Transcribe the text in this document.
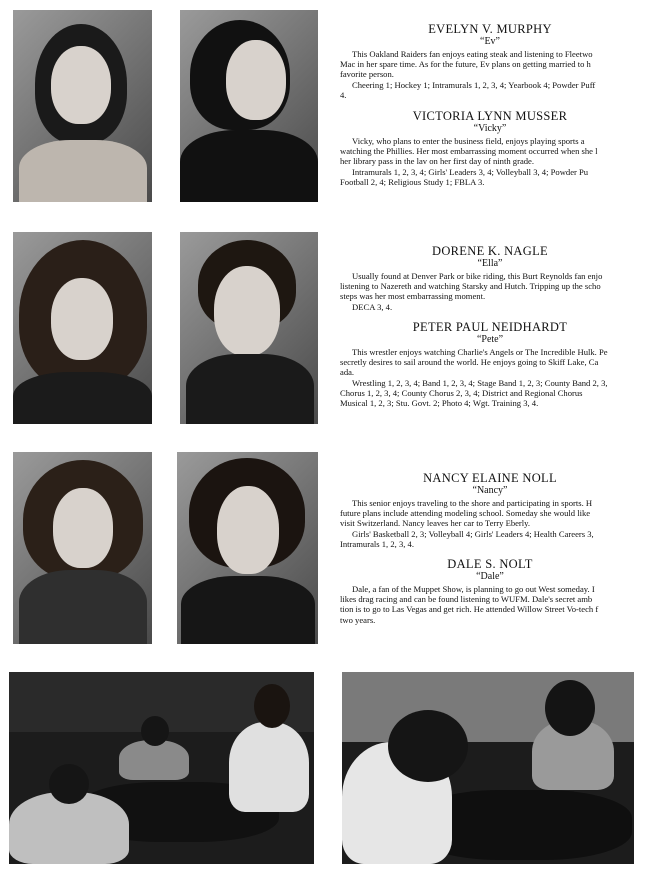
EVELYN V. MURPHY

“Ev”

This Oakland Raiders fan enjoys eating steak and listening to Fleetwo
Mac in her spare time. As for the future, Ev plans on getting married to h
favorite person.
Cheering 1; Hockey 1; Intramurals 1, 2, 3, 4; Yearbook 4; Powder Puff
4.

VICTORIA LYNN MUSSER

“Vicky”

Vicky, who plans to enter the business field, enjoys playing sports a
watching the Phillies. Her most embarrassing moment occurred when she l
her library pass in the lav on her first day of ninth grade.
Intramurals 1, 2, 3, 4; Girls' Leaders 3, 4; Volleyball 3, 4; Powder Pu
Football 2, 4; Religious Study 1; FBLA 3.

DORENE K. NAGLE

“Ella”

Usually found at Denver Park or bike riding, this Burt Reynolds fan enjo
listening to Nazereth and watching Starsky and Hutch. Tripping up the scho
steps was her most embarrassing moment.
DECA 3, 4.

PETER PAUL NEIDHARDT

“Pete”

This wrestler enjoys watching Charlie's Angels or The Incredible Hulk. Pe
secretly desires to sail around the world. He enjoys going to Skiff Lake, Ca
ada.
Wrestling 1, 2, 3, 4; Band 1, 2, 3, 4; Stage Band 1, 2, 3; County Band 2, 3,
Chorus 1, 2, 3, 4; County Chorus 2, 3, 4; District and Regional Chorus
Musical 1, 2, 3; Stu. Govt. 2; Photo 4; Wgt. Training 3, 4.

NANCY ELAINE NOLL

“Nancy”

This senior enjoys traveling to the shore and participating in sports. H
future plans include attending modeling school. Someday she would like
visit Switzerland. Nancy leaves her car to Terry Eberly.
Girls' Basketball 2, 3; Volleyball 4; Girls' Leaders 4; Health Careers 3,
Intramurals 1, 2, 3, 4.

DALE S. NOLT

“Dale”

Dale, a fan of the Muppet Show, is planning to go out West someday. I
likes drag racing and can be found listening to WUFM. Dale's secret amb
tion is to go to Las Vegas and get rich. He attended Willow Street Vo-tech f
two years.
